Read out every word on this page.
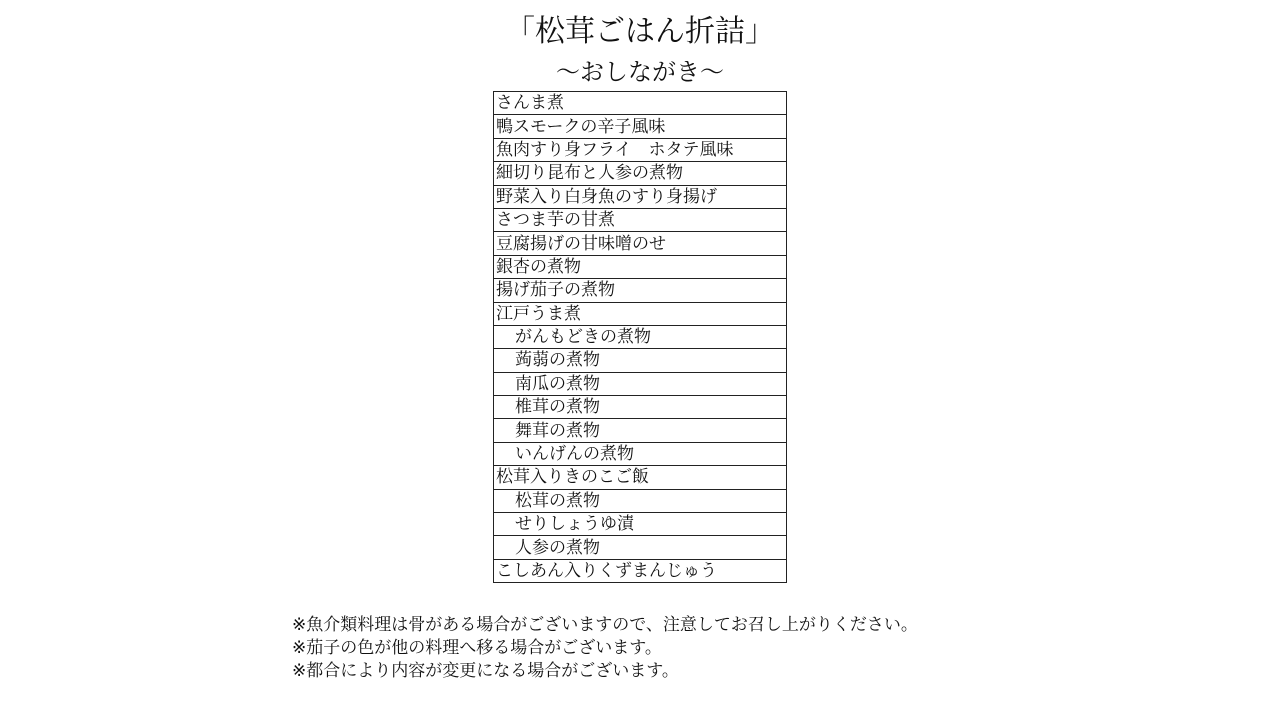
「松茸ごはん折詰」
〜おしながき〜
さんま煮
鴨スモークの辛子風味
魚肉すり身フライ　ホタテ風味
細切り昆布と人参の煮物
野菜入り白身魚のすり身揚げ
さつま芋の甘煮
豆腐揚げの甘味噌のせ
銀杏の煮物
揚げ茄子の煮物
江戸うま煮
がんもどきの煮物
蒟蒻の煮物
南瓜の煮物
椎茸の煮物
舞茸の煮物
いんげんの煮物
松茸入りきのこご飯
松茸の煮物
せりしょうゆ漬
人参の煮物
こしあん入りくずまんじゅう
※魚介類料理は骨がある場合がございますので、注意してお召し上がりください。
※茄子の色が他の料理へ移る場合がございます。
※都合により内容が変更になる場合がございます。
